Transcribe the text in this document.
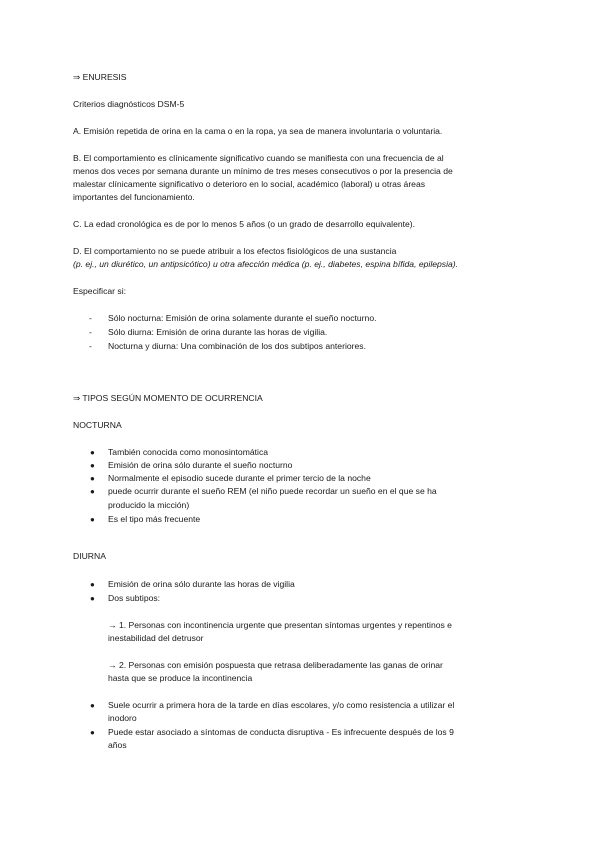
⇒ ENURESIS
Criterios diagnósticos DSM-5
A. Emisión repetida de orina en la cama o en la ropa, ya sea de manera involuntaria o voluntaria.
B. El comportamiento es clínicamente significativo cuando se manifiesta con una frecuencia de al
menos dos veces por semana durante un mínimo de tres meses consecutivos o por la presencia de
malestar clínicamente significativo o deterioro en lo social, académico (laboral) u otras áreas
importantes del funcionamiento.
C. La edad cronológica es de por lo menos 5 años (o un grado de desarrollo equivalente).
D. El comportamiento no se puede atribuir a los efectos fisiológicos de una sustancia
(p. ej., un diurético, un antipsicótico) u otra afección médica (p. ej., diabetes, espina bífida, epilepsia).
Especificar si:
- Sólo nocturna: Emisión de orina solamente durante el sueño nocturno.
- Sólo diurna: Emisión de orina durante las horas de vigilia.
- Nocturna y diurna: Una combinación de los dos subtipos anteriores.
⇒ TIPOS SEGÚN MOMENTO DE OCURRENCIA
NOCTURNA
● También conocida como monosintomática
● Emisión de orina sólo durante el sueño nocturno
● Normalmente el episodio sucede durante el primer tercio de la noche
● puede ocurrir durante el sueño REM (el niño puede recordar un sueño en el que se ha
producido la micción)
● Es el tipo más frecuente
DIURNA
● Emisión de orina sólo durante las horas de vigilia
● Dos subtipos:
→ 1. Personas con incontinencia urgente que presentan síntomas urgentes y repentinos e
inestabilidad del detrusor
→ 2. Personas con emisión pospuesta que retrasa deliberadamente las ganas de orinar
hasta que se produce la incontinencia
● Suele ocurrir a primera hora de la tarde en días escolares, y/o como resistencia a utilizar el
inodoro
● Puede estar asociado a síntomas de conducta disruptiva - Es infrecuente después de los 9
años
